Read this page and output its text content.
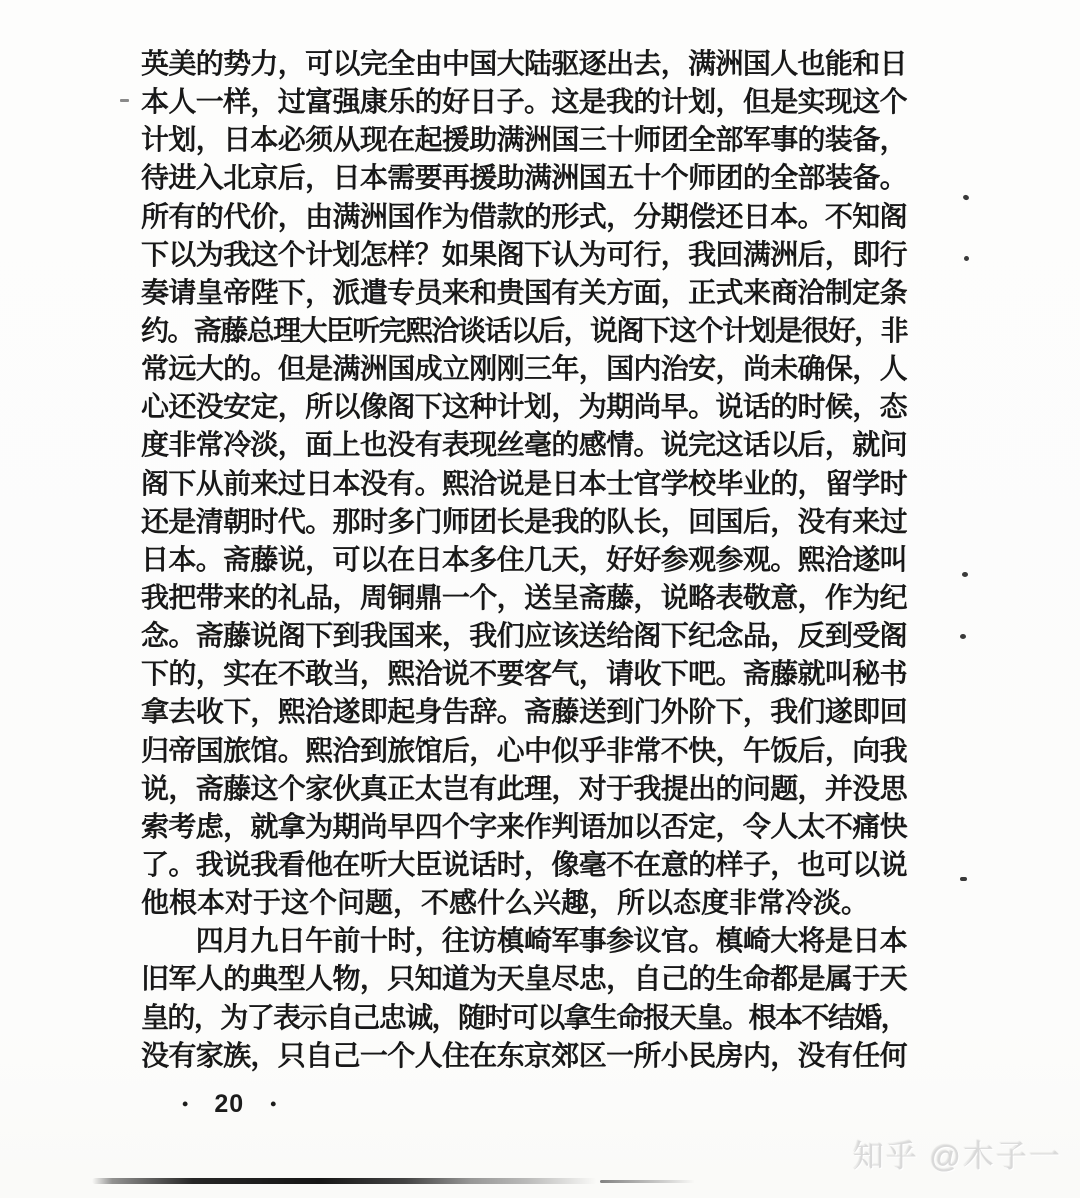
英美的势力，可以完全由中国大陆驱逐出去，满洲国人也能和日
本人一样，过富强康乐的好日子。这是我的计划，但是实现这个
计划，日本必须从现在起援助满洲国三十师团全部军事的装备，
待进入北京后，日本需要再援助满洲国五十个师团的全部装备。
所有的代价，由满洲国作为借款的形式，分期偿还日本。不知阁
下以为我这个计划怎样？如果阁下认为可行，我回满洲后，即行
奏请皇帝陛下，派遣专员来和贵国有关方面，正式来商洽制定条
约。斋藤总理大臣听完熙洽谈话以后，说阁下这个计划是很好，非
常远大的。但是满洲国成立刚刚三年，国内治安，尚未确保，人
心还没安定，所以像阁下这种计划，为期尚早。说话的时候，态
度非常冷淡，面上也没有表现丝毫的感情。说完这话以后，就问
阁下从前来过日本没有。熙洽说是日本士官学校毕业的，留学时
还是清朝时代。那时多门师团长是我的队长，回国后，没有来过
日本。斋藤说，可以在日本多住几天，好好参观参观。熙洽遂叫
我把带来的礼品，周铜鼎一个，送呈斋藤，说略表敬意，作为纪
念。斋藤说阁下到我国来，我们应该送给阁下纪念品，反到受阁
下的，实在不敢当，熙洽说不要客气，请收下吧。斋藤就叫秘书
拿去收下，熙洽遂即起身告辞。斋藤送到门外阶下，我们遂即回
归帝国旅馆。熙洽到旅馆后，心中似乎非常不快，午饭后，向我
说，斋藤这个家伙真正太岂有此理，对于我提出的问题，并没思
索考虑，就拿为期尚早四个字来作判语加以否定，令人太不痛快
了。我说我看他在听大臣说话时，像毫不在意的样子，也可以说
他根本对于这个问题，不感什么兴趣，所以态度非常冷淡。
　　四月九日午前十时，往访槙崎军事参议官。槙崎大将是日本
旧军人的典型人物，只知道为天皇尽忠，自己的生命都是属于天
皇的，为了表示自己忠诚，随时可以拿生命报天皇。根本不结婚，
没有家族，只自己一个人住在东京郊区一所小民房内，没有任何
• 20 •
知乎 @木子一
